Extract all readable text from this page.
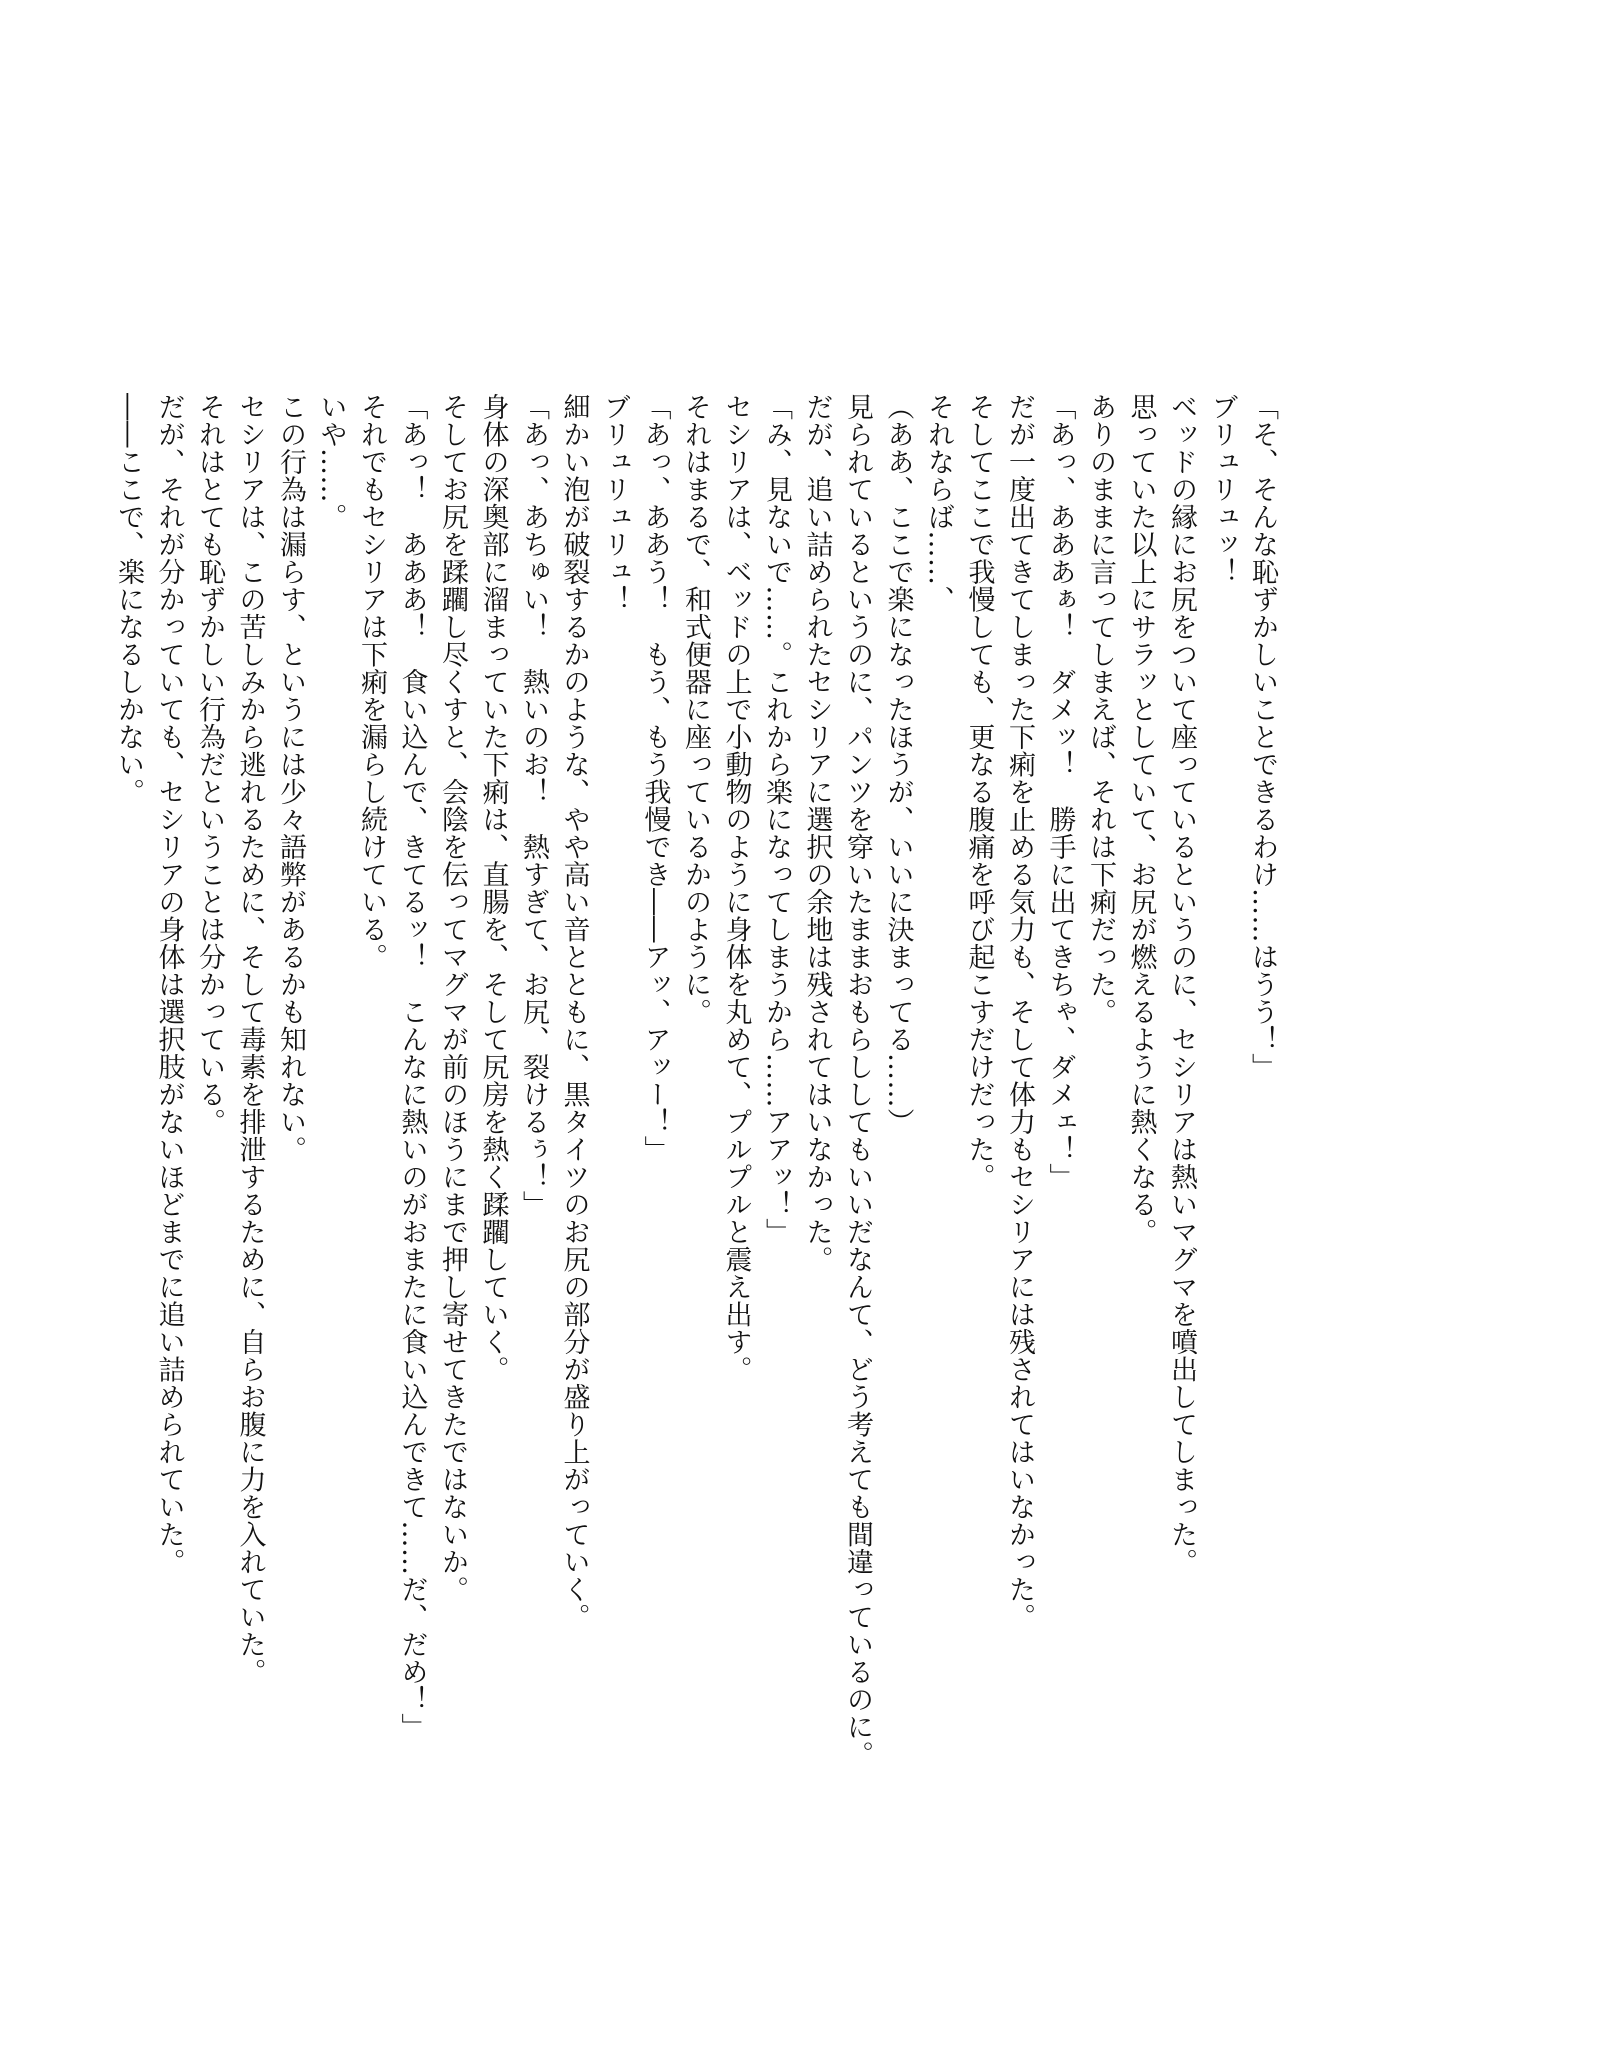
「そ、そんな恥ずかしいことできるわけ……はうう！」
ブリュリュッ！
ベッドの縁にお尻をついて座っているというのに、セシリアは熱いマグマを噴出してしまった。
思っていた以上にサラッとしていて、お尻が燃えるように熱くなる。
ありのままに言ってしまえば、それは下痢だった。
「あっ、あああぁ！　ダメッ！　勝手に出てきちゃ、ダメェ！」
だが一度出てきてしまった下痢を止める気力も、そして体力もセシリアには残されてはいなかった。
そしてここで我慢しても、更なる腹痛を呼び起こすだけだった。
それならば……、
（ああ、ここで楽になったほうが、いいに決まってる……）
見られているというのに、パンツを穿いたままおもらししてもいいだなんて、どう考えても間違っているのに。
だが、追い詰められたセシリアに選択の余地は残されてはいなかった。
「み、見ないで……。これから楽になってしまうから……アアッ！」
セシリアは、ベッドの上で小動物のように身体を丸めて、プルプルと震え出す。
それはまるで、和式便器に座っているかのように。
「あっ、ああう！　もう、もう我慢でき――アッ、アッー！」
ブリュリュリュ！
細かい泡が破裂するかのような、やや高い音とともに、黒タイツのお尻の部分が盛り上がっていく。
「あっ、あちゅい！　熱いのお！　熱すぎて、お尻、裂けるぅ！」
身体の深奥部に溜まっていた下痢は、直腸を、そして尻房を熱く蹂躙していく。
そしてお尻を蹂躙し尽くすと、会陰を伝ってマグマが前のほうにまで押し寄せてきたではないか。
「あっ！　あああ！　食い込んで、きてるッ！　こんなに熱いのがおまたに食い込んできて……だ、だめ！」
それでもセシリアは下痢を漏らし続けている。
いや……。
この行為は漏らす、というには少々語弊があるかも知れない。
セシリアは、この苦しみから逃れるために、そして毒素を排泄するために、自らお腹に力を入れていた。
それはとても恥ずかしい行為だということは分かっている。
だが、それが分かっていても、セシリアの身体は選択肢がないほどまでに追い詰められていた。
――ここで、楽になるしかない。
